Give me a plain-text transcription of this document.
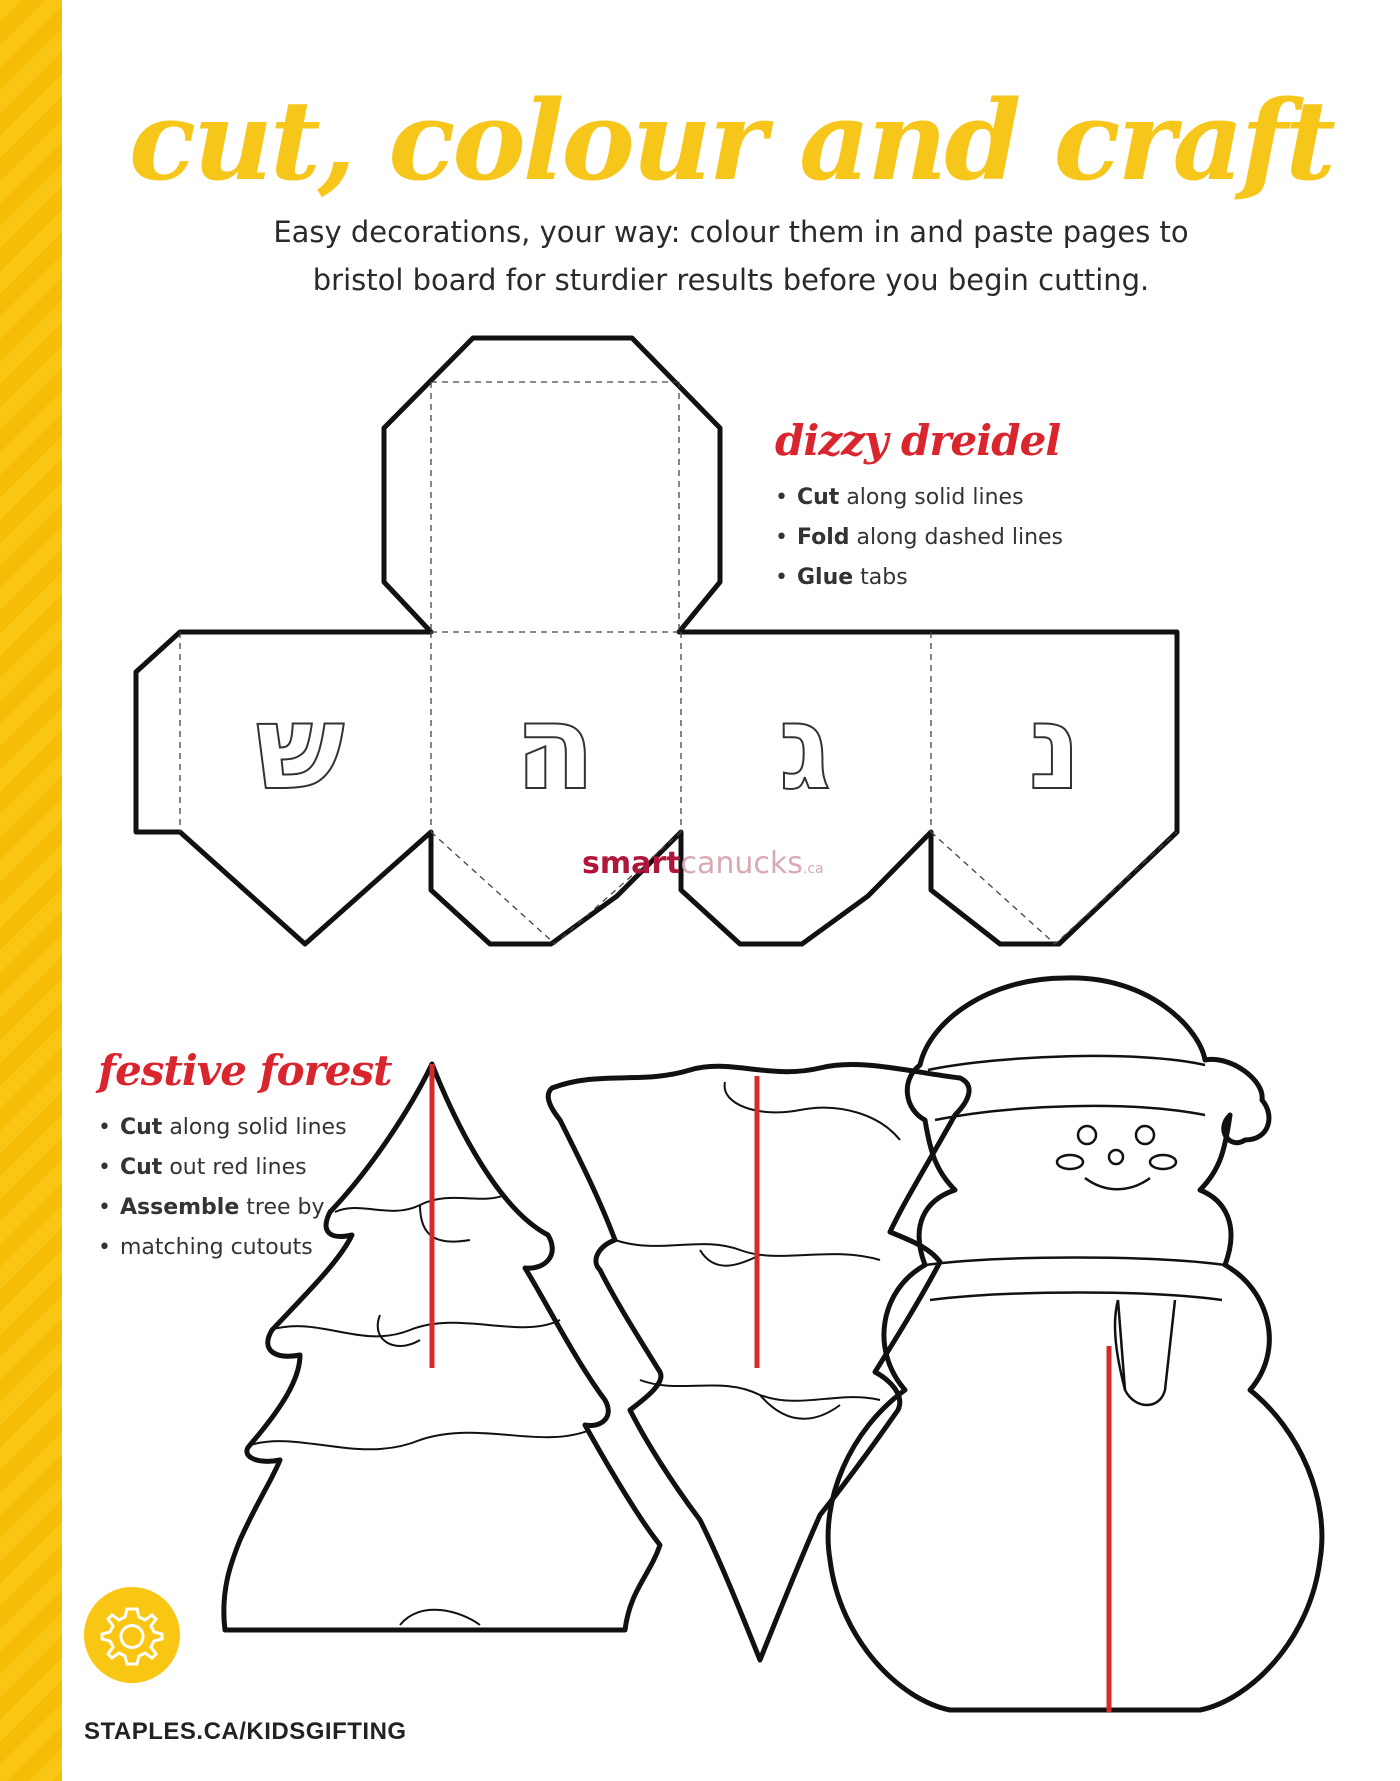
cut, colour and craft
Easy decorations, your way: colour them in and paste pages to
bristol board for sturdier results before you begin cutting.
ש ה ג נ
dizzy dreidel
• Cut along solid lines
• Fold along dashed lines
• Glue tabs
festive forest
• Cut along solid lines
• Cut out red lines
• Assemble tree by
• matching cutouts
smartcanucks.ca
STAPLES.CA/KIDSGIFTING
